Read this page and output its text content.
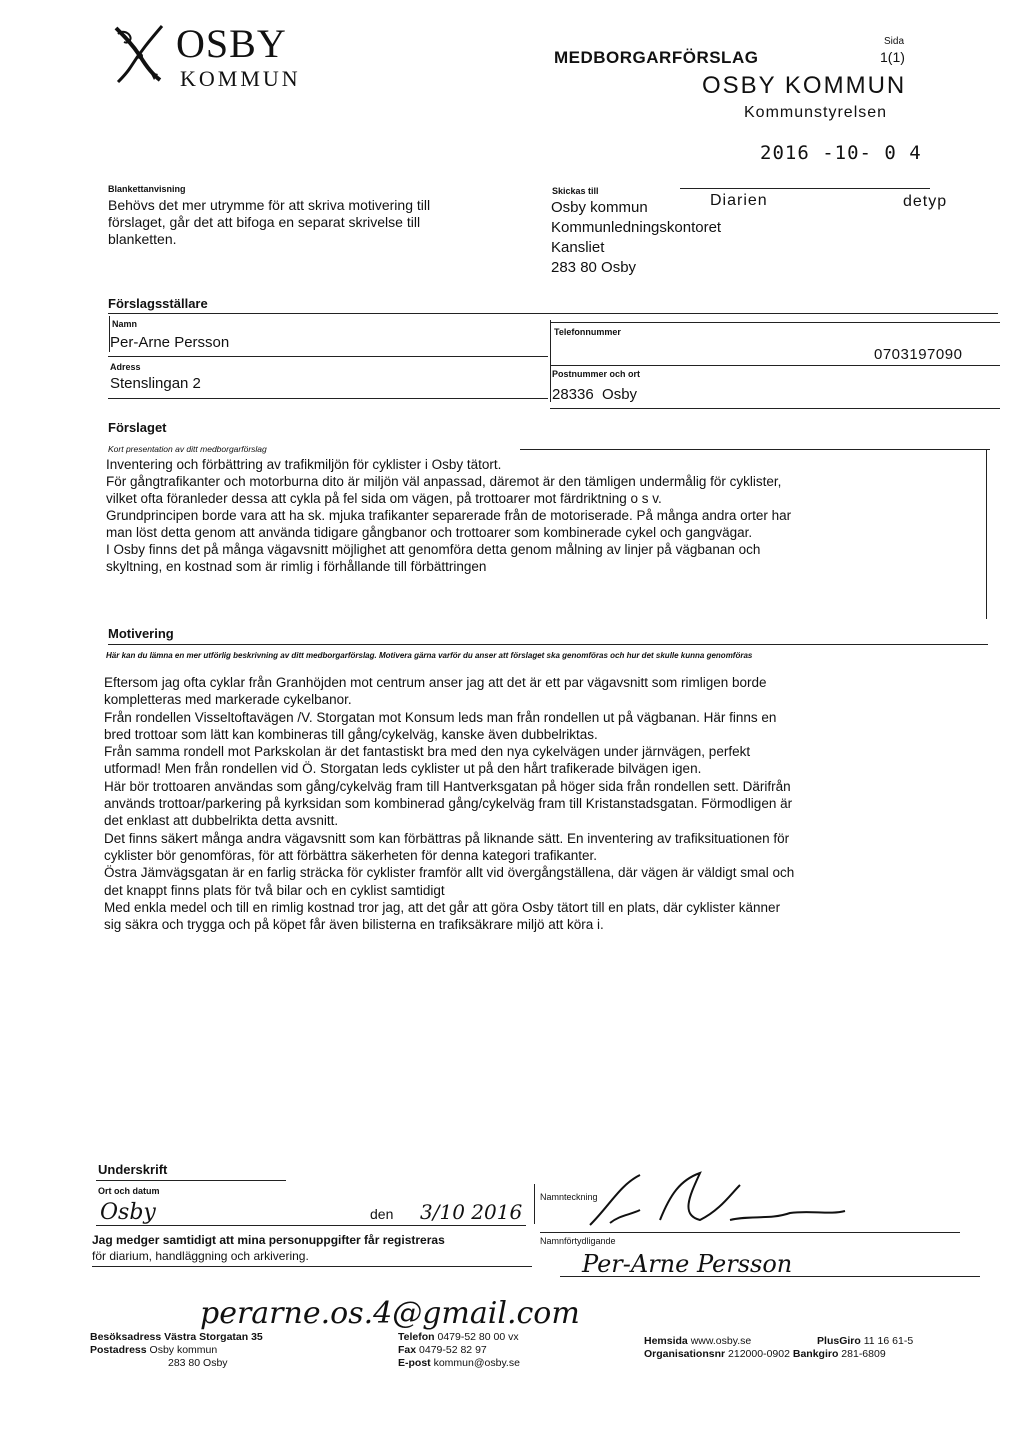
OSBY
KOMMUN
MEDBORGARFÖRSLAG
Sida
1(1)
OSBY KOMMUN
Kommunstyrelsen
2016 -10- 0 4
Blankettanvisning
Behövs det mer utrymme för att skriva motivering till
förslaget, går det att bifoga en separat skrivelse till
blanketten.
Skickas till
Osby kommun
Kommunledningskontoret
Kansliet
283 80 Osby
Diarien	detyp
Förslagsställare
Namn
Per-Arne Persson
Adress
Stenslingan 2
Telefonnummer
0703197090
Postnummer och ort
28336  Osby
Förslaget
Kort presentation av ditt medborgarförslag
Inventering och förbättring av trafikmiljön för cyklister i Osby tätort.
För gångtrafikanter och motorburna dito är miljön väl anpassad, däremot är den tämligen undermålig för cyklister,
vilket ofta föranleder dessa att cykla på fel sida om vägen, på trottoarer mot färdriktning o s v.
Grundprincipen borde vara att ha sk. mjuka trafikanter separerade från de motoriserade. På många andra orter har
man löst detta genom att använda tidigare gångbanor och trottoarer som kombinerade cykel och gangvägar.
I Osby finns det på många vägavsnitt möjlighet att genomföra detta genom målning av linjer på vägbanan och
skyltning, en kostnad som är rimlig i förhållande till förbättringen
Motivering
Här kan du lämna en mer utförlig beskrivning av ditt medborgarförslag. Motivera gärna varför du anser att förslaget ska genomföras och hur det skulle kunna genomföras
Eftersom jag ofta cyklar från Granhöjden mot centrum anser jag att det är ett par vägavsnitt som rimligen borde
kompletteras med markerade cykelbanor.
Från rondellen Visseltoftavägen /V. Storgatan mot Konsum leds man från rondellen ut på vägbanan. Här finns en
bred trottoar som lätt kan kombineras till gång/cykelväg, kanske även dubbelriktas.
Från samma rondell mot Parkskolan är det fantastiskt bra med den nya cykelvägen under järnvägen, perfekt
utformad! Men från rondellen vid Ö. Storgatan leds cyklister ut på den hårt trafikerade bilvägen igen.
Här bör trottoaren användas som gång/cykelväg fram till Hantverksgatan på höger sida från rondellen sett. Därifrån
används trottoar/parkering på kyrksidan som kombinerad gång/cykelväg fram till Kristanstadsgatan. Förmodligen är
det enklast att dubbelrikta detta avsnitt.
Det finns säkert många andra vägavsnitt som kan förbättras på liknande sätt. En inventering av trafiksituationen för
cyklister bör genomföras, för att förbättra säkerheten för denna kategori trafikanter.
Östra Jämvägsgatan är en farlig sträcka för cyklister framför allt vid övergångställena, där vägen är väldigt smal och
det knappt finns plats för två bilar och en cyklist samtidigt
Med enkla medel och till en rimlig kostnad tror jag, att det går att göra Osby tätort till en plats, där cyklister känner
sig säkra och trygga och på köpet får även bilisterna en trafiksäkrare miljö att köra i.
Underskrift
Ort och datum
Osby	den 3/10 2016
Namnteckning
Jag medger samtidigt att mina personuppgifter får registreras
för diarium, handläggning och arkivering.
Namnförtydligande
Per-Arne Persson
perarne.os.4@gmail.com
Besöksadress Västra Storgatan 35
Postadress Osby kommun
283 80 Osby
Telefon 0479-52 80 00 vx
Fax 0479-52 82 97
E-post kommun@osby.se
Hemsida www.osby.se	PlusGiro 11 16 61-5
Organisationsnr 212000-0902 Bankgiro 281-6809
